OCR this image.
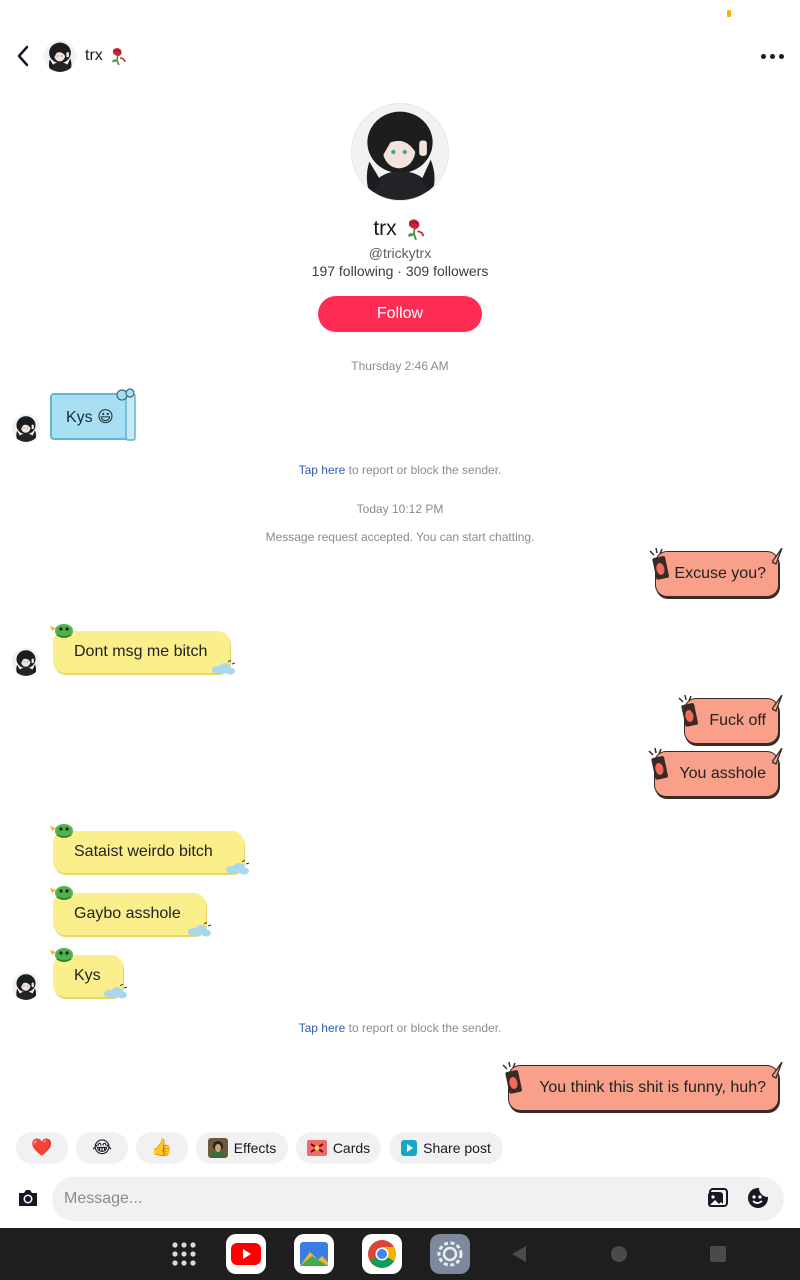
trx
trx
@trickytrx
197 following · 309 followers
Follow
Thursday 2:46 AM
Kys 😃
Tap here to report or block the sender.
Today 10:12 PM
Message request accepted. You can start chatting.
Excuse you?
Dont msg me bitch
Fuck off
You asshole
Sataist weirdo bitch
Gaybo asshole
Kys
Tap here to report or block the sender.
You think this shit is funny, huh?
❤️ 😂 👍	Effects	Cards	Share post
Message...
